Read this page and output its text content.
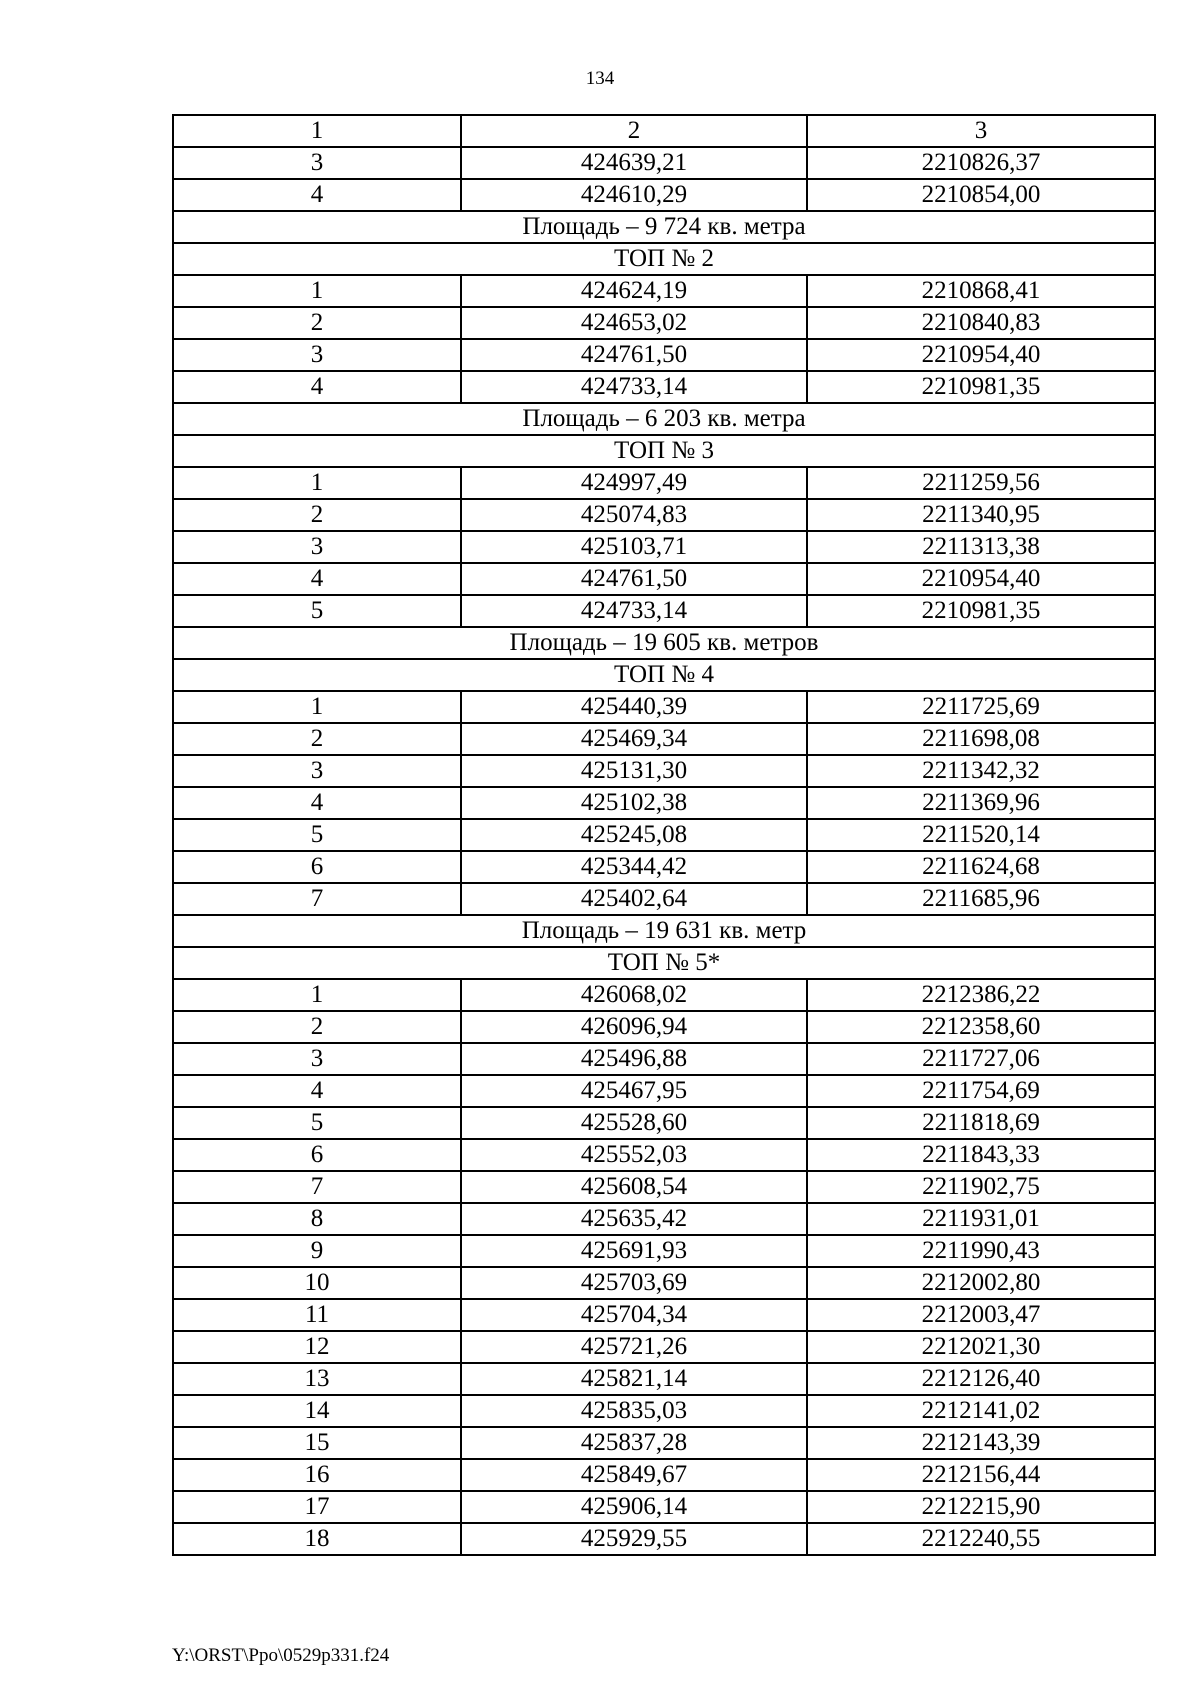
134
1	2	3
3	424639,21	2210826,37
4	424610,29	2210854,00
Площадь – 9 724 кв. метра		
ТОП № 2		
1	424624,19	2210868,41
2	424653,02	2210840,83
3	424761,50	2210954,40
4	424733,14	2210981,35
Площадь – 6 203 кв. метра		
ТОП № 3		
1	424997,49	2211259,56
2	425074,83	2211340,95
3	425103,71	2211313,38
4	424761,50	2210954,40
5	424733,14	2210981,35
Площадь – 19 605 кв. метров		
ТОП № 4		
1	425440,39	2211725,69
2	425469,34	2211698,08
3	425131,30	2211342,32
4	425102,38	2211369,96
5	425245,08	2211520,14
6	425344,42	2211624,68
7	425402,64	2211685,96
Площадь – 19 631 кв. метр		
ТОП № 5*		
1	426068,02	2212386,22
2	426096,94	2212358,60
3	425496,88	2211727,06
4	425467,95	2211754,69
5	425528,60	2211818,69
6	425552,03	2211843,33
7	425608,54	2211902,75
8	425635,42	2211931,01
9	425691,93	2211990,43
10	425703,69	2212002,80
11	425704,34	2212003,47
12	425721,26	2212021,30
13	425821,14	2212126,40
14	425835,03	2212141,02
15	425837,28	2212143,39
16	425849,67	2212156,44
17	425906,14	2212215,90
18	425929,55	2212240,55
Y:\ORST\Ppo\0529p331.f24
